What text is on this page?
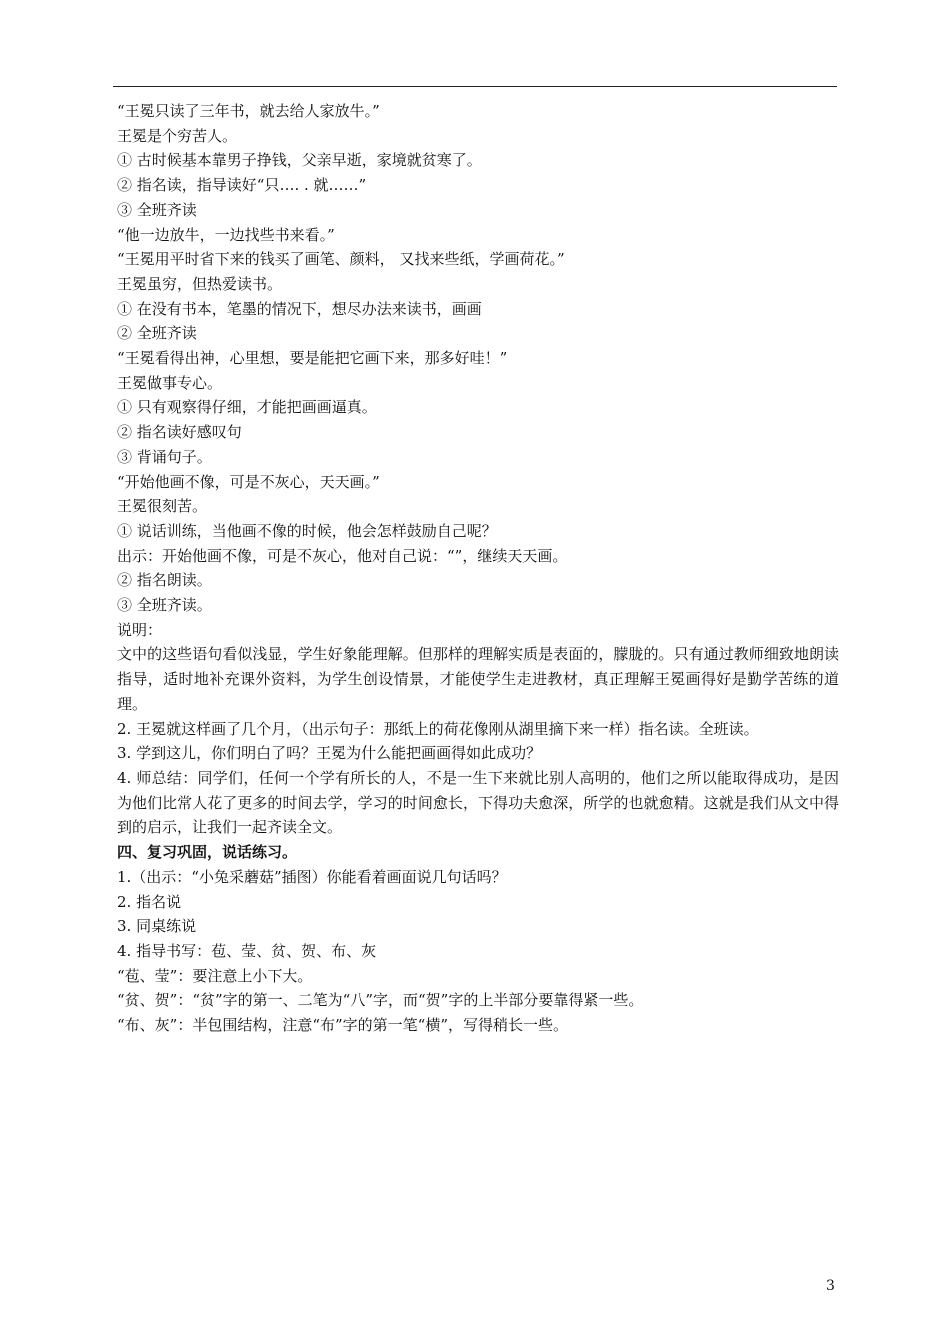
“王冕只读了三年书，就去给人家放牛。”
王冕是个穷苦人。
① 古时候基本靠男子挣钱，父亲早逝，家境就贫寒了。
② 指名读，指导读好“只…. . 就……”
③ 全班齐读
“他一边放牛，一边找些书来看。”
“王冕用平时省下来的钱买了画笔、颜料， 又找来些纸，学画荷花。”
王冕虽穷，但热爱读书。
① 在没有书本，笔墨的情况下，想尽办法来读书，画画
② 全班齐读
“王冕看得出神，心里想，要是能把它画下来，那多好哇！”
王冕做事专心。
① 只有观察得仔细，才能把画画逼真。
② 指名读好感叹句
③ 背诵句子。
“开始他画不像，可是不灰心，天天画。”
王冕很刻苦。
① 说话训练，当他画不像的时候，他会怎样鼓励自己呢？
出示：开始他画不像，可是不灰心，他对自己说：“”，继续天天画。
② 指名朗读。
③ 全班齐读。
说明：
文中的这些语句看似浅显，学生好象能理解。但那样的理解实质是表面的，朦胧的。只有通过教师细致地朗读指导，适时地补充课外资料，为学生创设情景，才能使学生走进教材，真正理解王冕画得好是勤学苦练的道理。
2. 王冕就这样画了几个月，（出示句子：那纸上的荷花像刚从湖里摘下来一样）指名读。全班读。
3. 学到这儿，你们明白了吗？王冕为什么能把画画得如此成功？
4. 师总结：同学们，任何一个学有所长的人，不是一生下来就比别人高明的，他们之所以能取得成功，是因为他们比常人花了更多的时间去学，学习的时间愈长，下得功夫愈深，所学的也就愈精。这就是我们从文中得到的启示，让我们一起齐读全文。
四、复习巩固，说话练习。
1.（出示：“小兔采蘑菇”插图）你能看着画面说几句话吗？
2. 指名说
3. 同桌练说
4. 指导书写：苞、莹、贫、贺、布、灰
“苞、莹”：要注意上小下大。
“贫、贺”：“贫”字的第一、二笔为“八”字，而“贺”字的上半部分要靠得紧一些。
“布、灰”：半包围结构，注意“布”字的第一笔“横”，写得稍长一些。
3
